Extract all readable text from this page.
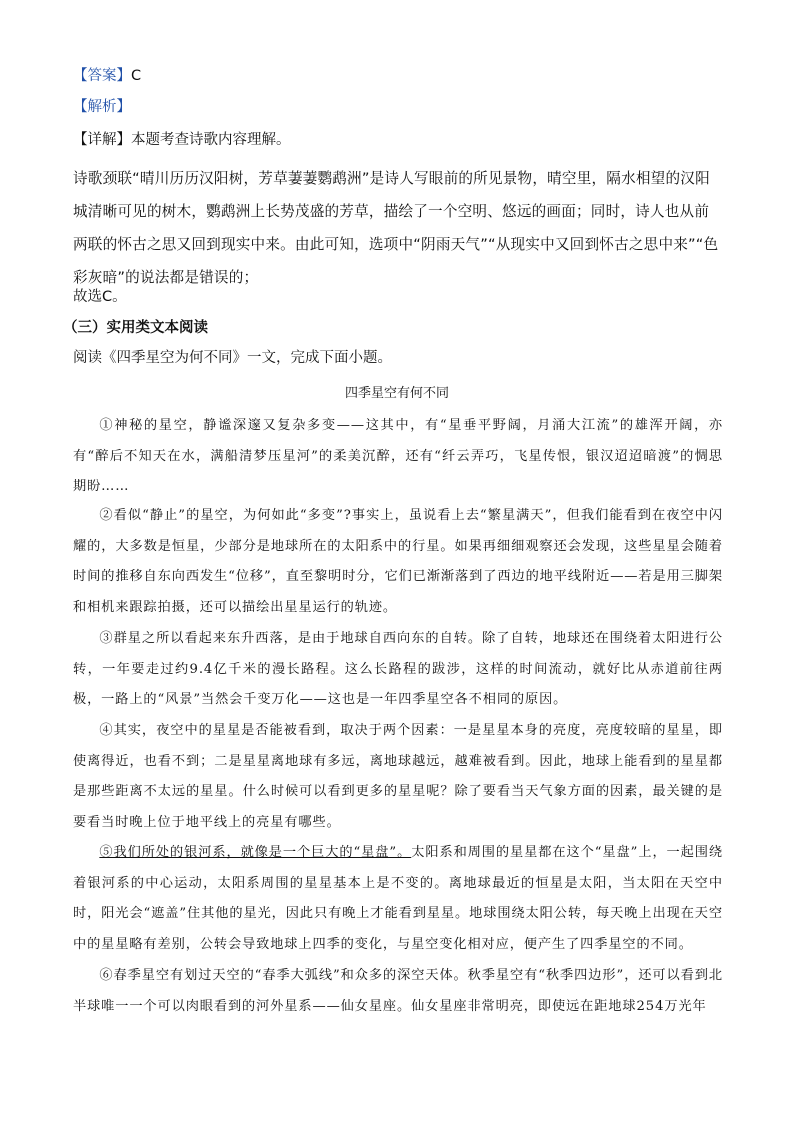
【答案】C
【解析】
【详解】本题考查诗歌内容理解。
诗歌颈联“晴川历历汉阳树，芳草萋萋鹦鹉洲”是诗人写眼前的所见景物，晴空里，隔水相望的汉阳城清晰可见的树木，鹦鹉洲上长势茂盛的芳草，描绘了一个空明、悠远的画面；同时，诗人也从前两联的怀古之思又回到现实中来。由此可知，选项中“阴雨天气”“从现实中又回到怀古之思中来”“色彩灰暗”的说法都是错误的；
故选C。
（三）实用类文本阅读
阅读《四季星空为何不同》一文，完成下面小题。
四季星空有何不同
①神秘的星空，静谧深邃又复杂多变——这其中，有“星垂平野阔，月涌大江流”的雄浑开阔，亦有“醉后不知天在水，满船清梦压星河”的柔美沉醉，还有“纤云弄巧，飞星传恨，银汉迢迢暗渡”的惆思期盼……
②看似“静止”的星空，为何如此“多变”?事实上，虽说看上去“繁星满天”，但我们能看到在夜空中闪耀的，大多数是恒星，少部分是地球所在的太阳系中的行星。如果再细细观察还会发现，这些星星会随着时间的推移自东向西发生“位移”，直至黎明时分，它们已渐渐落到了西边的地平线附近——若是用三脚架和相机来跟踪拍摄，还可以描绘出星星运行的轨迹。
③群星之所以看起来东升西落，是由于地球自西向东的自转。除了自转，地球还在围绕着太阳进行公转，一年要走过约9.4亿千米的漫长路程。这么长路程的跋涉，这样的时间流动，就好比从赤道前往两极，一路上的“风景”当然会千变万化——这也是一年四季星空各不相同的原因。
④其实，夜空中的星星是否能被看到，取决于两个因素：一是星星本身的亮度，亮度较暗的星星，即使离得近，也看不到；二是星星离地球有多远，离地球越远，越难被看到。因此，地球上能看到的星星都是那些距离不太远的星星。什么时候可以看到更多的星星呢？除了要看当天气象方面的因素，最关键的是要看当时晚上位于地平线上的亮星有哪些。
⑤我们所处的银河系，就像是一个巨大的“星盘”。太阳系和周围的星星都在这个“星盘”上，一起围绕着银河系的中心运动，太阳系周围的星星基本上是不变的。离地球最近的恒星是太阳，当太阳在天空中时，阳光会“遮盖”住其他的星光，因此只有晚上才能看到星星。地球围绕太阳公转，每天晚上出现在天空中的星星略有差别，公转会导致地球上四季的变化，与星空变化相对应，便产生了四季星空的不同。
⑥春季星空有划过天空的“春季大弧线”和众多的深空天体。秋季星空有“秋季四边形”，还可以看到北半球唯一一个可以肉眼看到的河外星系——仙女星座。仙女星座非常明亮，即使远在距地球254万光年
